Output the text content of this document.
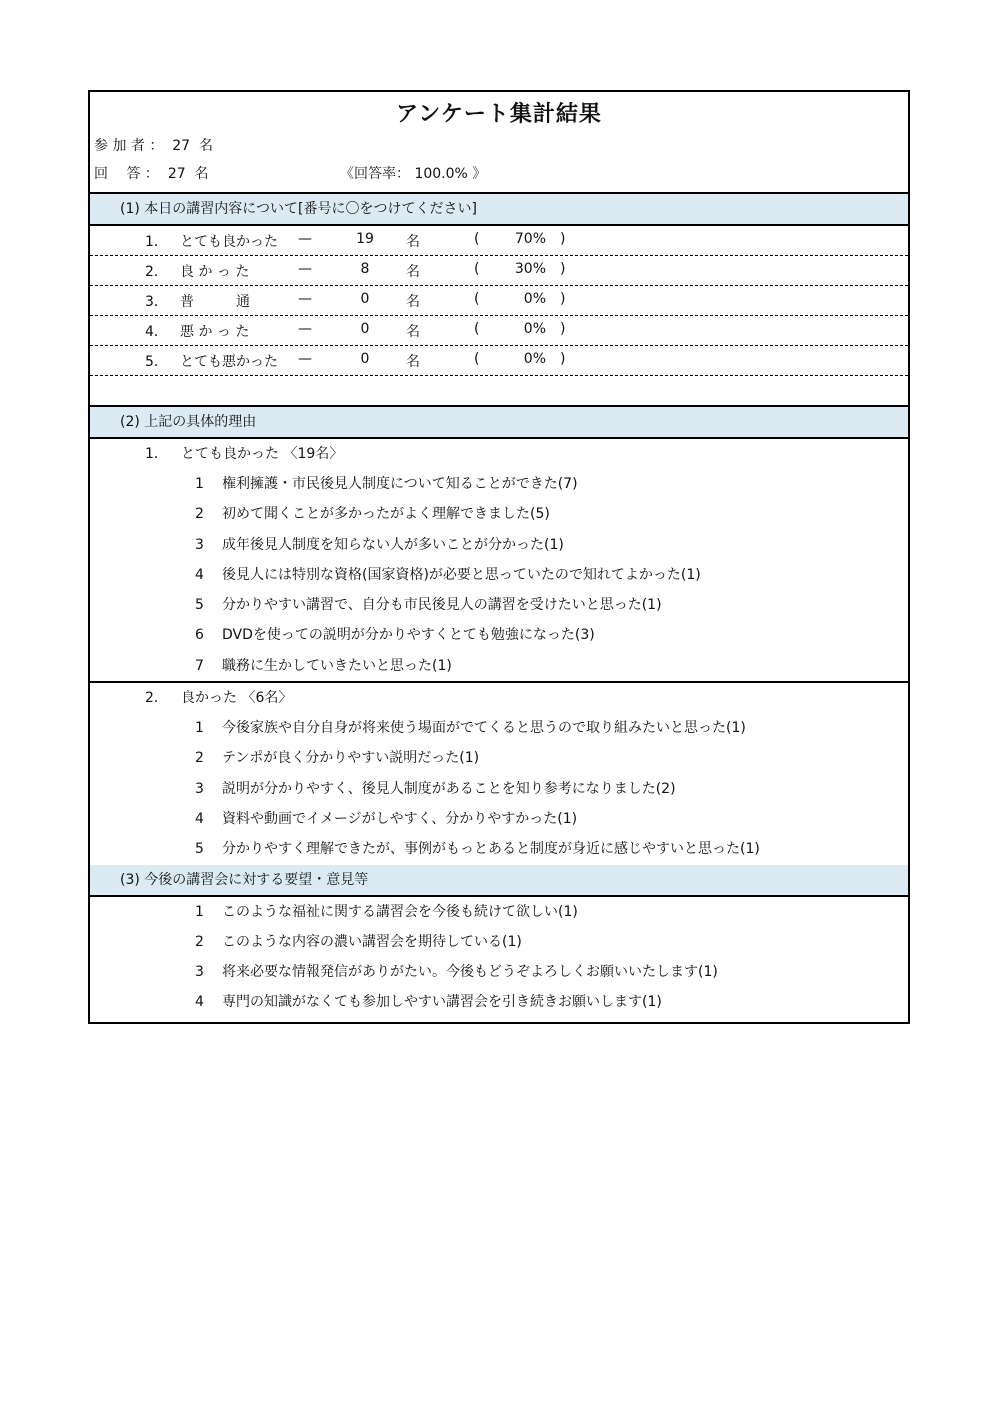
アンケート集計結果
参 加 者 ： 27 名
回　 答 ： 27 名	《回答率： 100.0% 》
(1) 本日の講習内容について[番号に〇をつけてください]
1． とても良かった	—	19 名	(	70% )
2． 良 か っ た	—	8	名	(	30% )
3． 普　　　通	—	0	名	(	0% )
4． 悪 か っ た	—	0	名	(	0% )
5． とても悪かった	—	0	名	(	0% )
(2) 上記の具体的理由
1． とても良かった 〈19名〉
1 権利擁護・市民後見人制度について知ることができた(7)
2 初めて聞くことが多かったがよく理解できました(5)
3 成年後見人制度を知らない人が多いことが分かった(1)
4 後見人には特別な資格(国家資格)が必要と思っていたので知れてよかった(1)
5 分かりやすい講習で、自分も市民後見人の講習を受けたいと思った(1)
6 DVDを使っての説明が分かりやすくとても勉強になった(3)
7 職務に生かしていきたいと思った(1)
2． 良かった 〈6名〉
1 今後家族や自分自身が将来使う場面がでてくると思うので取り組みたいと思った(1)
2 テンポが良く分かりやすい説明だった(1)
3 説明が分かりやすく、後見人制度があることを知り参考になりました(2)
4 資料や動画でイメージがしやすく、分かりやすかった(1)
5 分かりやすく理解できたが、事例がもっとあると制度が身近に感じやすいと思った(1)
(3) 今後の講習会に対する要望・意見等
1 このような福祉に関する講習会を今後も続けて欲しい(1)
2 このような内容の濃い講習会を期待している(1)
3 将来必要な情報発信がありがたい。今後もどうぞよろしくお願いいたします(1)
4 専門の知識がなくても参加しやすい講習会を引き続きお願いします(1)
